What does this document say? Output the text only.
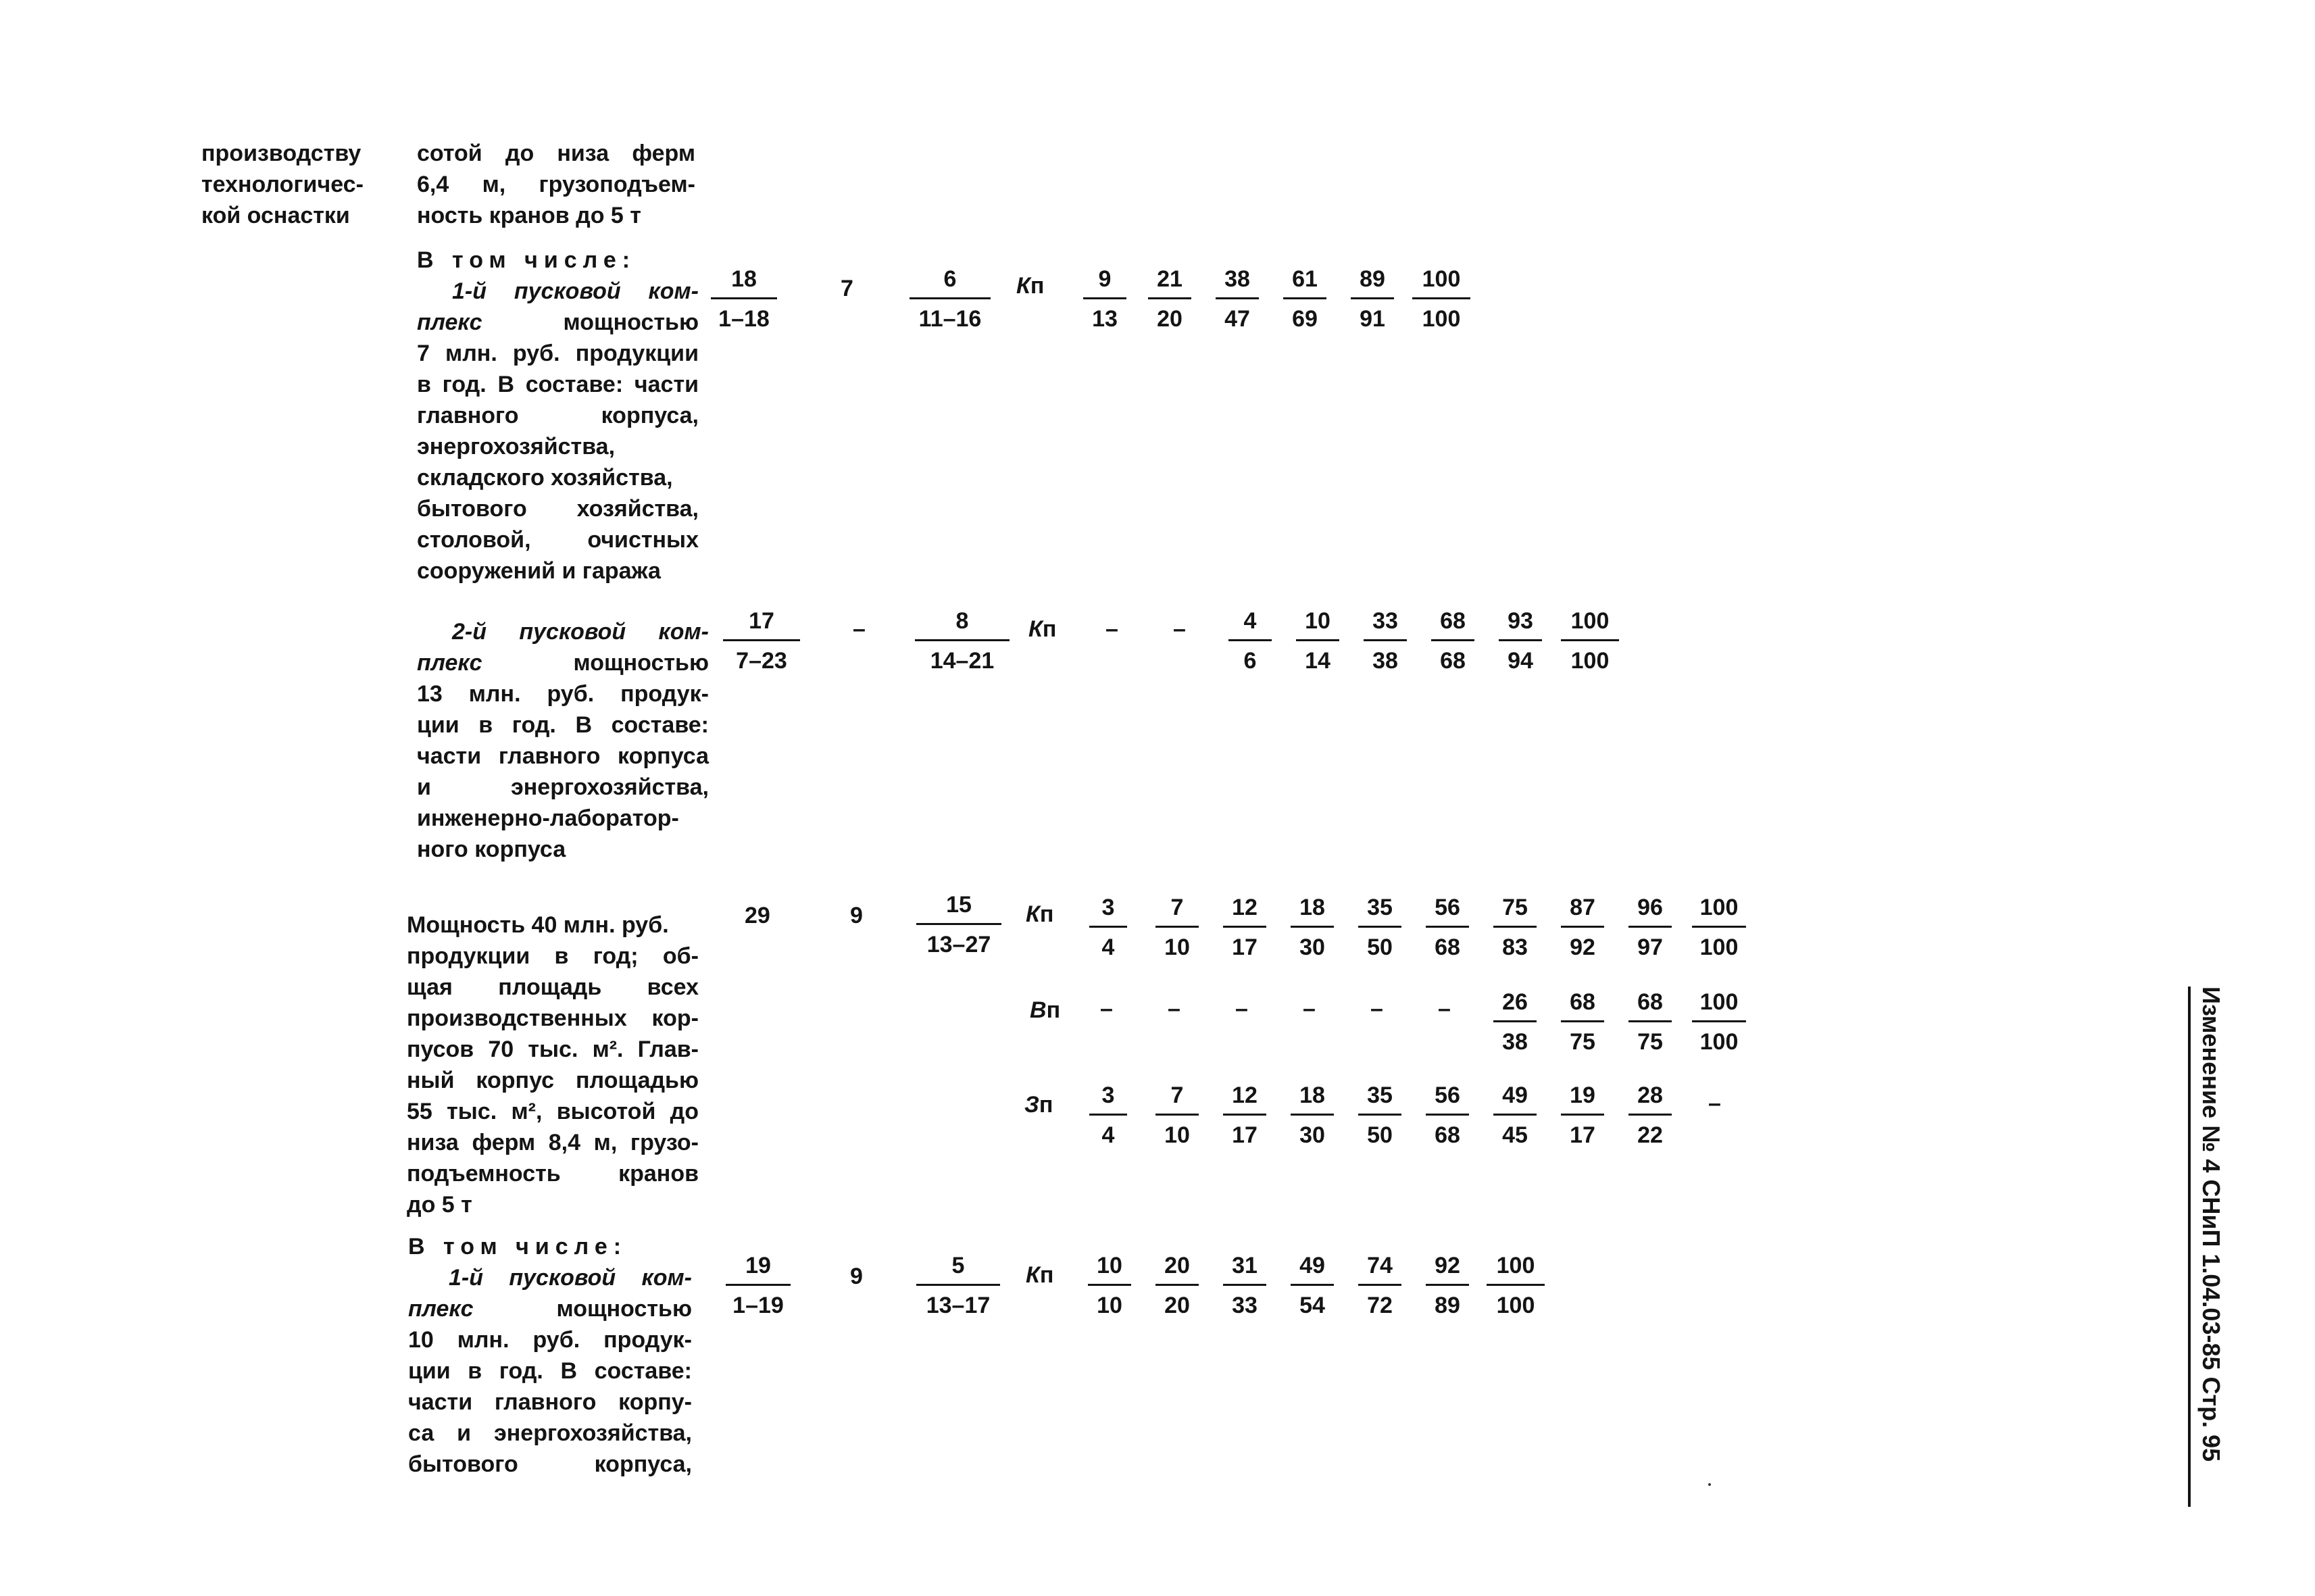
производству
технологичес-
кой оснастки
сотой до низа ферм
6,4 м, грузоподъем-
ность кранов до 5 т
В том числе:
1-й пусковой ком-
плекс	мощностью
7 млн. руб. продукции
в год. В составе: части
главного корпуса,
энергохозяйства,
складского хозяйства,
бытового хозяйства,
столовой, очистных
сооружений и гаража
$\frac{18}{1-18}$	$7 \frac{6}{11-16}$ Кп $\frac{9}{13} \frac{21}{20} \frac{38}{47} \frac{61}{69} \frac{89}{91} \frac{100}{100}$
2-й пусковой ком-
плекс	мощностью
13 млн. руб. продук-
ции в год. В составе:
части главного корпуса
и энергохозяйства,
инженерно-лаборатор-
ного корпуса
$\frac{17}{7-23} - \frac{8}{14-21}$ Кп – – $\frac{4}{6} \frac{10}{14} \frac{33}{38} \frac{68}{68} \frac{93}{94} \frac{100}{100}$
Мощность 40 млн. руб.
продукции в год; об-
щая площадь всех
производственных кор-
пусов 70 тыс. м². Глав-
ный корпус площадью
55 тыс. м², высотой до
низа ферм 8,4 м, грузо-
подъемность кранов
до 5 т
29	$9 \frac{15}{13-27}$ Кп $\frac{3}{4} \frac{7}{10} \frac{12}{17} \frac{18}{30} \frac{35}{50} \frac{56}{68} \frac{75}{83} \frac{87}{92} \frac{96}{97} \frac{100}{100}$
Вп – – – – – – $\frac{26}{38} \frac{68}{75} \frac{68}{75} \frac{100}{100}$
Зп $\frac{3}{4} \frac{7}{10} \frac{12}{17} \frac{18}{30} \frac{35}{50} \frac{56}{68} \frac{49}{45} \frac{19}{17} \frac{28}{22}$ –
В том числе:
1-й пусковой ком-
плекс	мощностью
10 млн. руб. продук-
ции в год. В составе:
части главного корпу-
са и энергохозяйства,
бытового корпуса,
$\frac{19}{1-19}$	$9 \frac{5}{13-17}$ Кп $\frac{10}{10} \frac{20}{20} \frac{31}{33} \frac{49}{54} \frac{74}{72} \frac{92}{89} \frac{100}{100}$	Изменение № 4 СНиП 1.04.03-85 Стр. 95
